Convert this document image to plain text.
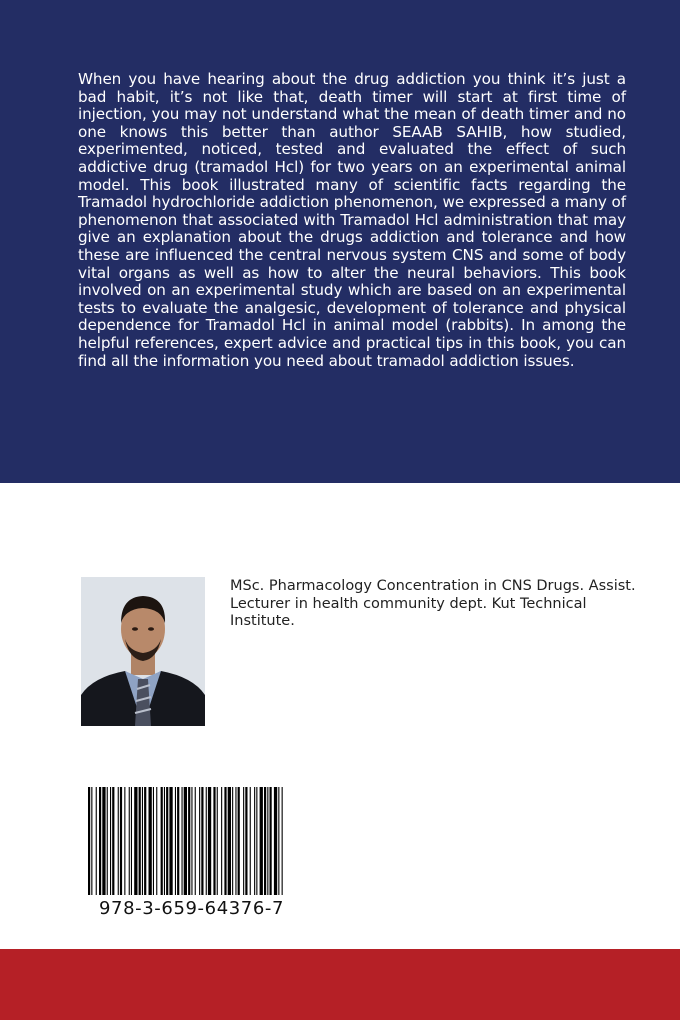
When you have hearing about the drug addiction you think it’s just a bad habit, it’s not like that, death timer will start at first time of injection, you may not understand what the mean of death timer and no one knows this better than author SEAAB SAHIB, how studied, experimented, noticed, tested and evaluated the effect of such addictive drug (tramadol Hcl) for two years on an experimental animal model. This book illustrated many of scientific facts regarding the Tramadol hydrochloride addiction phenomenon, we expressed a many of phenomenon that associated with Tramadol Hcl administration that may give an explanation about the drugs addiction and tolerance and how these are influenced the central nervous system CNS and some of body vital organs as well as how to alter the neural behaviors. This book involved on an experimental study which are based on an experimental tests to evaluate the analgesic, development of tolerance and physical dependence for Tramadol Hcl in animal model (rabbits). In among the helpful references, expert advice and practical tips in this book, you can find all the information you need about tramadol addiction issues.

MSc. Pharmacology Concentration in CNS Drugs. Assist. Lecturer in health community dept. Kut Technical Institute.

978-3-659-64376-7
